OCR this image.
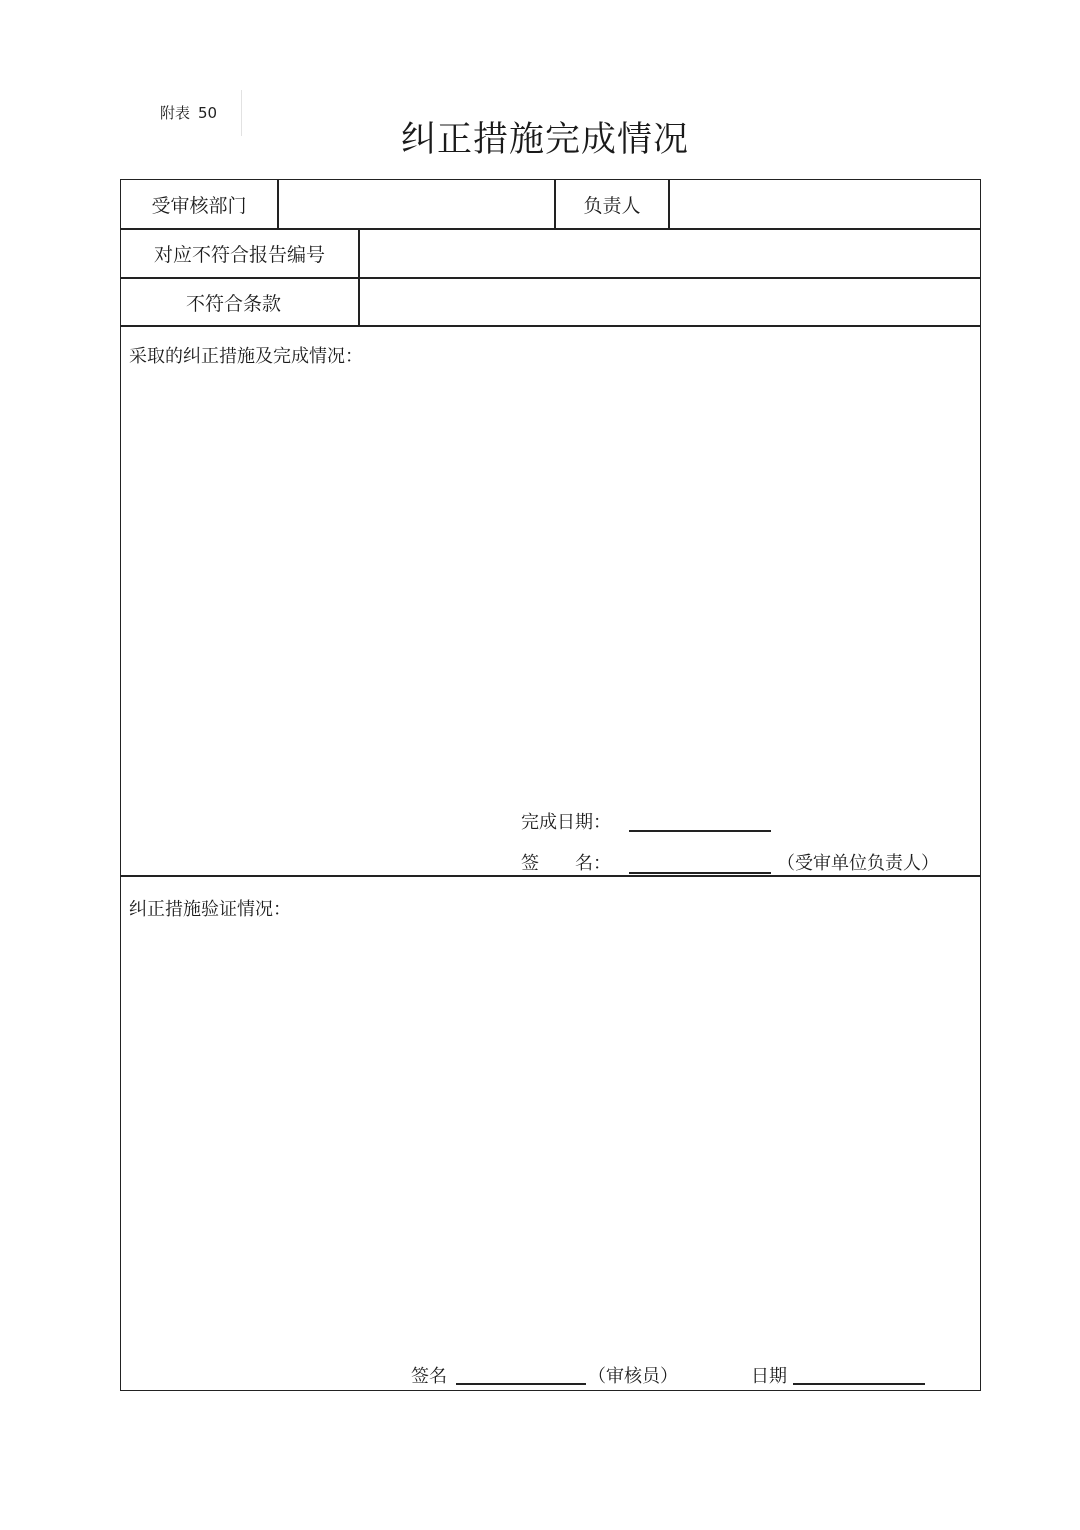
附表 50
纠正措施完成情况
受审核部门	负责人
对应不符合报告编号
不符合条款
采取的纠正措施及完成情况：
完成日期：
签　　名：	（受审单位负责人）
纠正措施验证情况：
签名	（审核员）	日期
